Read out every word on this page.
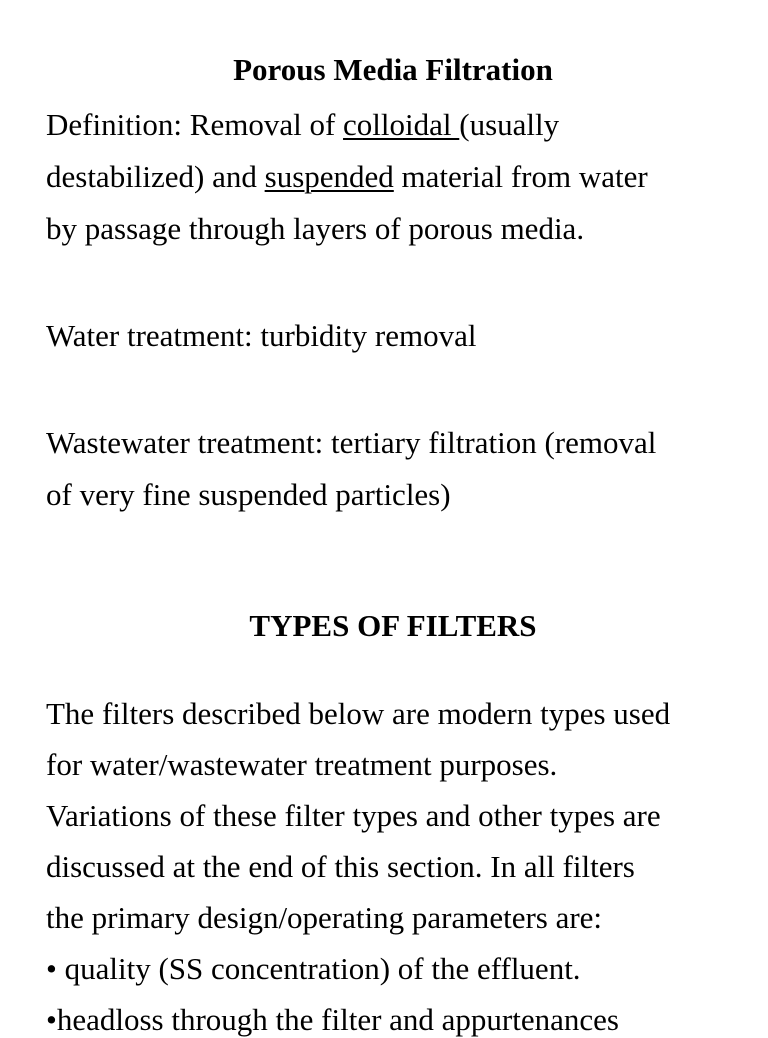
Porous Media Filtration

Definition: Removal of colloidal (usually

destabilized) and suspended material from water

by passage through layers of porous media.

Water treatment: turbidity removal

Wastewater treatment: tertiary filtration (removal

of very fine suspended particles)

TYPES OF FILTERS

The filters described below are modern types used

for water/wastewater treatment purposes.

Variations of these filter types and other types are

discussed at the end of this section. In all filters

the primary design/operating parameters are:

• quality (SS concentration) of the effluent.

•headloss through the filter and appurtenances
